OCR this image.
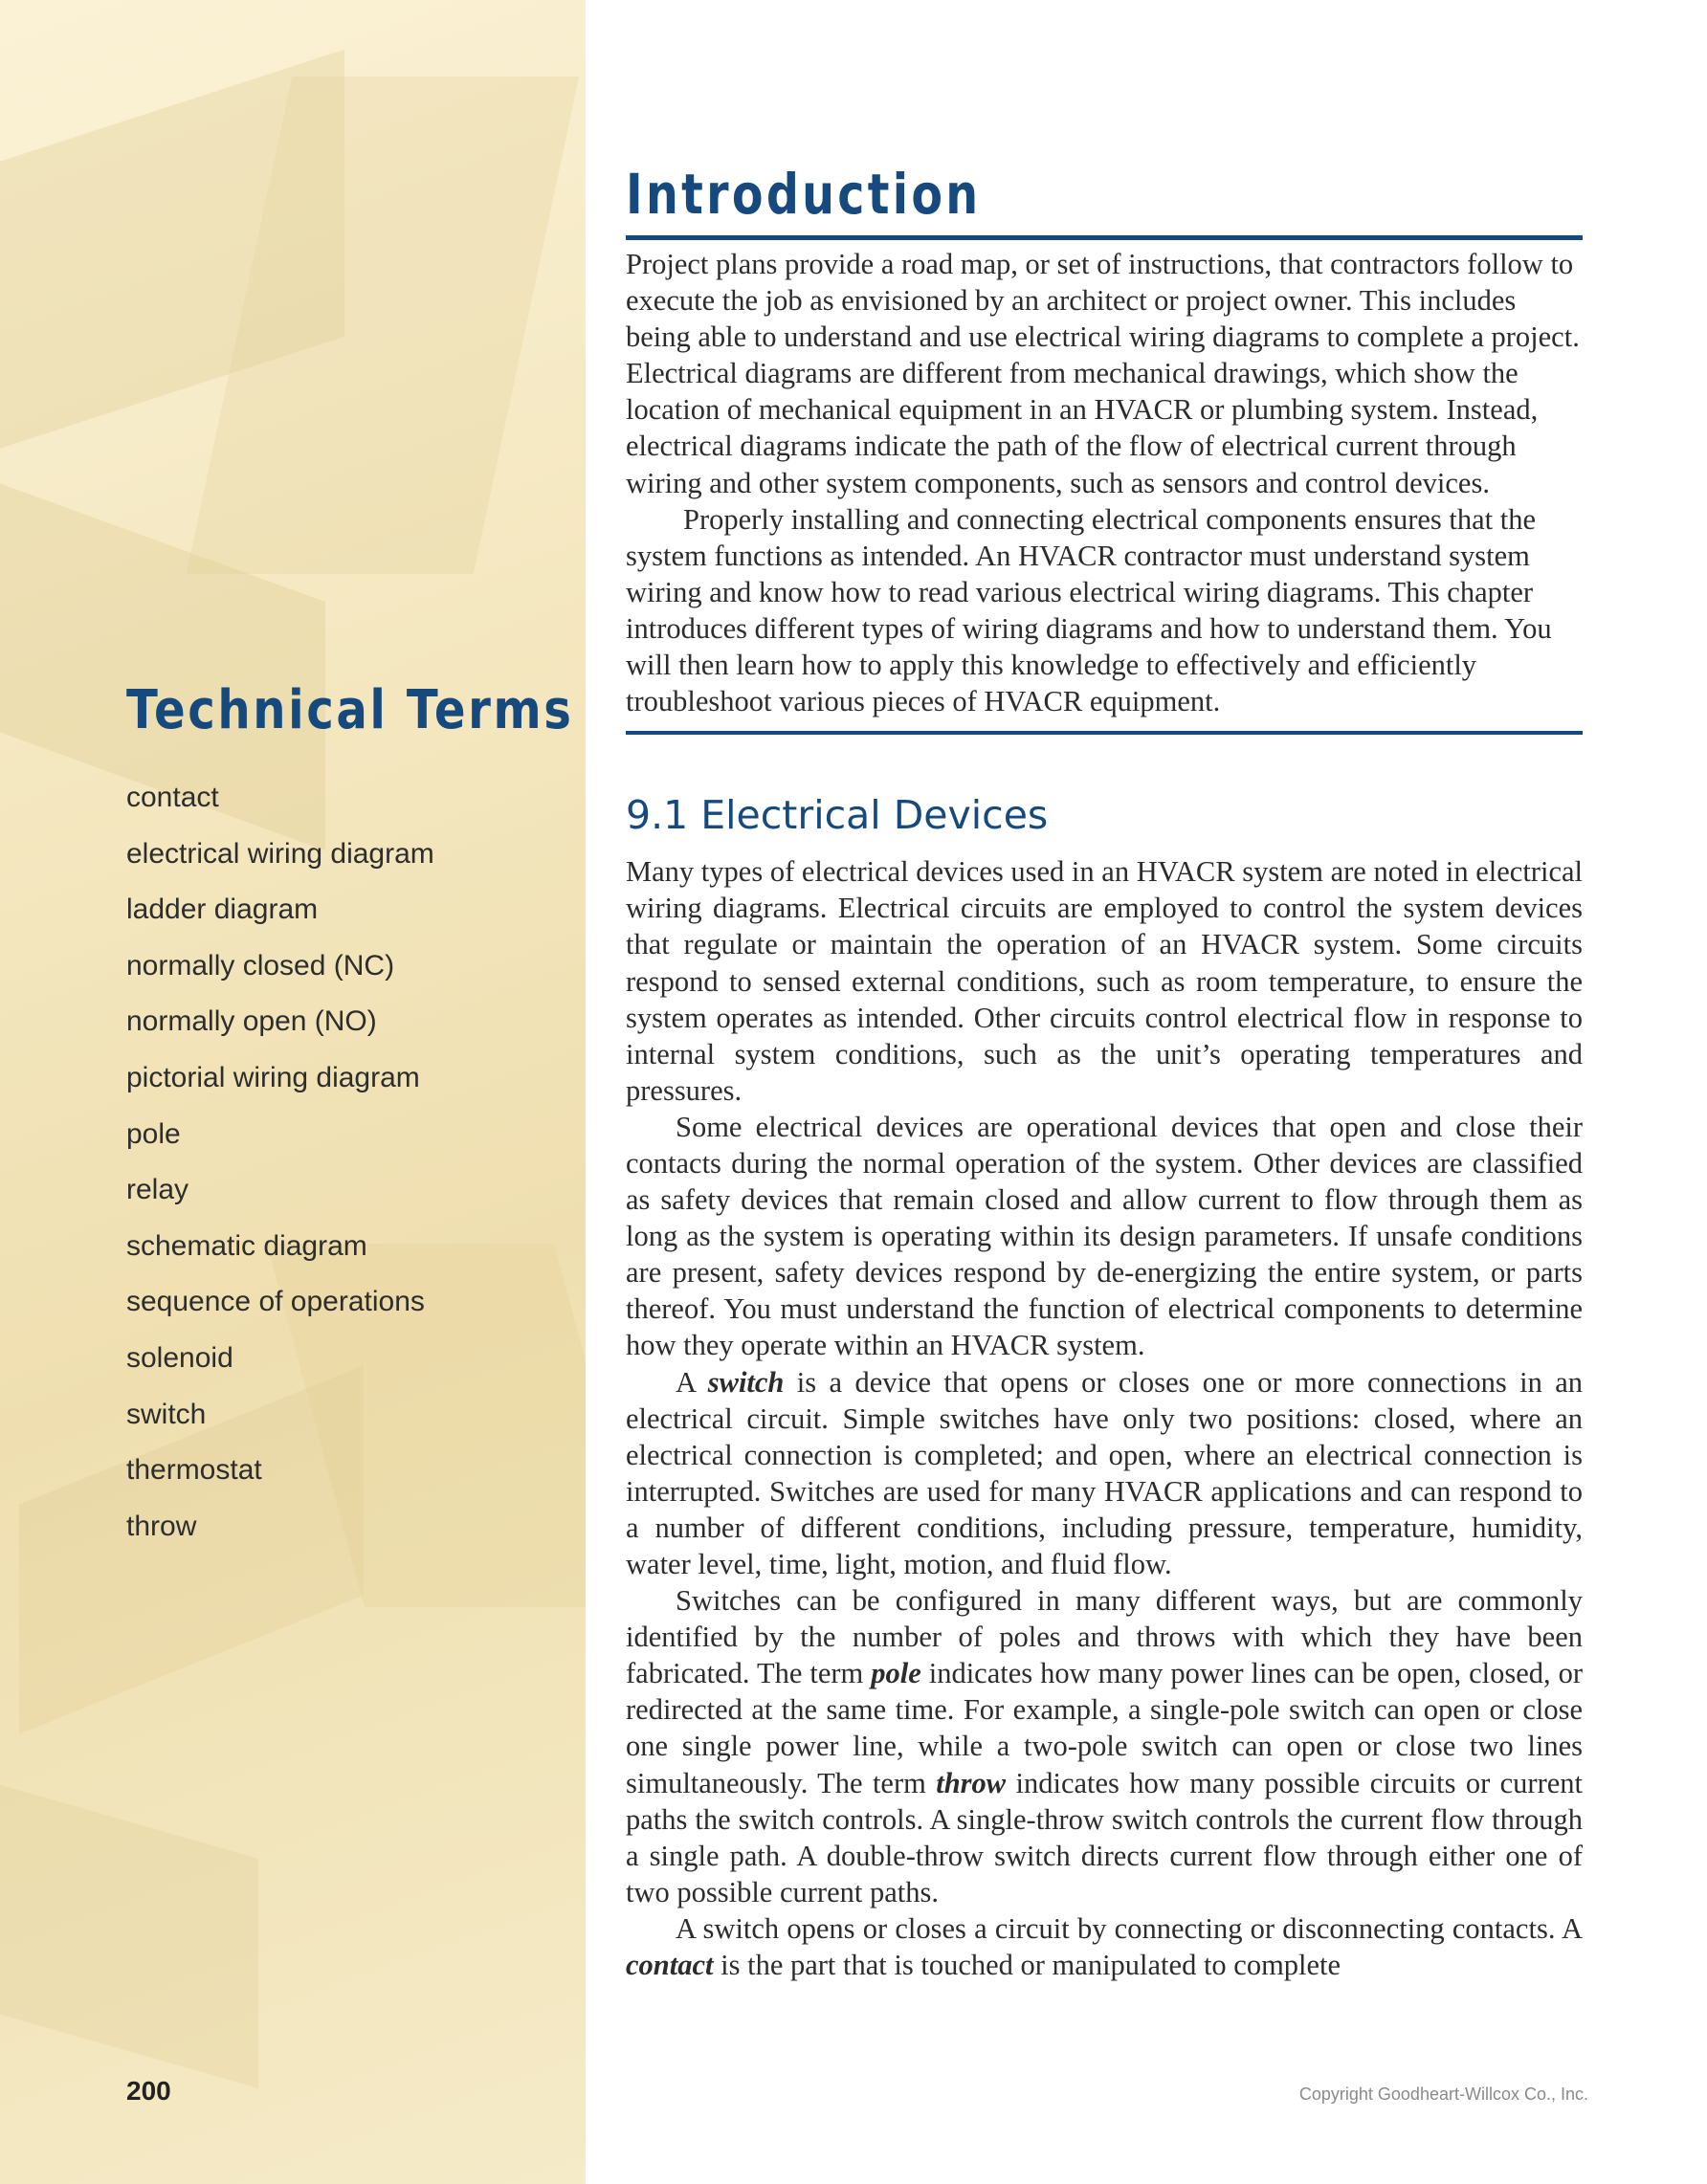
Technical Terms
contact
electrical wiring diagram
ladder diagram
normally closed (NC)
normally open (NO)
pictorial wiring diagram
pole
relay
schematic diagram
sequence of operations
solenoid
switch
thermostat
throw
200
Introduction

Project plans provide a road map, or set of instructions, that contractors follow to execute the job as envisioned by an architect or project owner. This includes being able to understand and use electrical wiring diagrams to complete a project. Electrical diagrams are different from mechanical drawings, which show the location of mechanical equipment in an HVACR or plumbing system. Instead, electrical diagrams indicate the path of the flow of electrical current through wiring and other system components, such as sensors and control devices.

Properly installing and connecting electrical components ensures that the system functions as intended. An HVACR contractor must understand system wiring and know how to read various electrical wiring diagrams. This chapter introduces different types of wiring diagrams and how to understand them. You will then learn how to apply this knowledge to effectively and efficiently troubleshoot various pieces of HVACR equipment.

9.1 Electrical Devices

Many types of electrical devices used in an HVACR system are noted in electrical wiring diagrams. Electrical circuits are employed to control the system devices that regulate or maintain the operation of an HVACR system. Some circuits respond to sensed external conditions, such as room temperature, to ensure the system operates as intended. Other circuits control electrical flow in response to internal system conditions, such as the unit’s operating temperatures and pressures.

Some electrical devices are operational devices that open and close their contacts during the normal operation of the system. Other devices are classified as safety devices that remain closed and allow current to flow through them as long as the system is operating within its design parameters. If unsafe conditions are present, safety devices respond by de-energizing the entire system, or parts thereof. You must understand the function of electrical components to determine how they operate within an HVACR system.

A switch is a device that opens or closes one or more connections in an electrical circuit. Simple switches have only two positions: closed, where an electrical connection is completed; and open, where an electrical connection is interrupted. Switches are used for many HVACR applications and can respond to a number of different conditions, including pressure, temperature, humidity, water level, time, light, motion, and fluid flow.

Switches can be configured in many different ways, but are commonly identified by the number of poles and throws with which they have been fabricated. The term pole indicates how many power lines can be open, closed, or redirected at the same time. For example, a single-pole switch can open or close one single power line, while a two-pole switch can open or close two lines simultaneously. The term throw indicates how many possible circuits or current paths the switch controls. A single-throw switch controls the current flow through a single path. A double-throw switch directs current flow through either one of two possible current paths.

A switch opens or closes a circuit by connecting or disconnecting contacts. A contact is the part that is touched or manipulated to complete

Copyright Goodheart-Willcox Co., Inc.
